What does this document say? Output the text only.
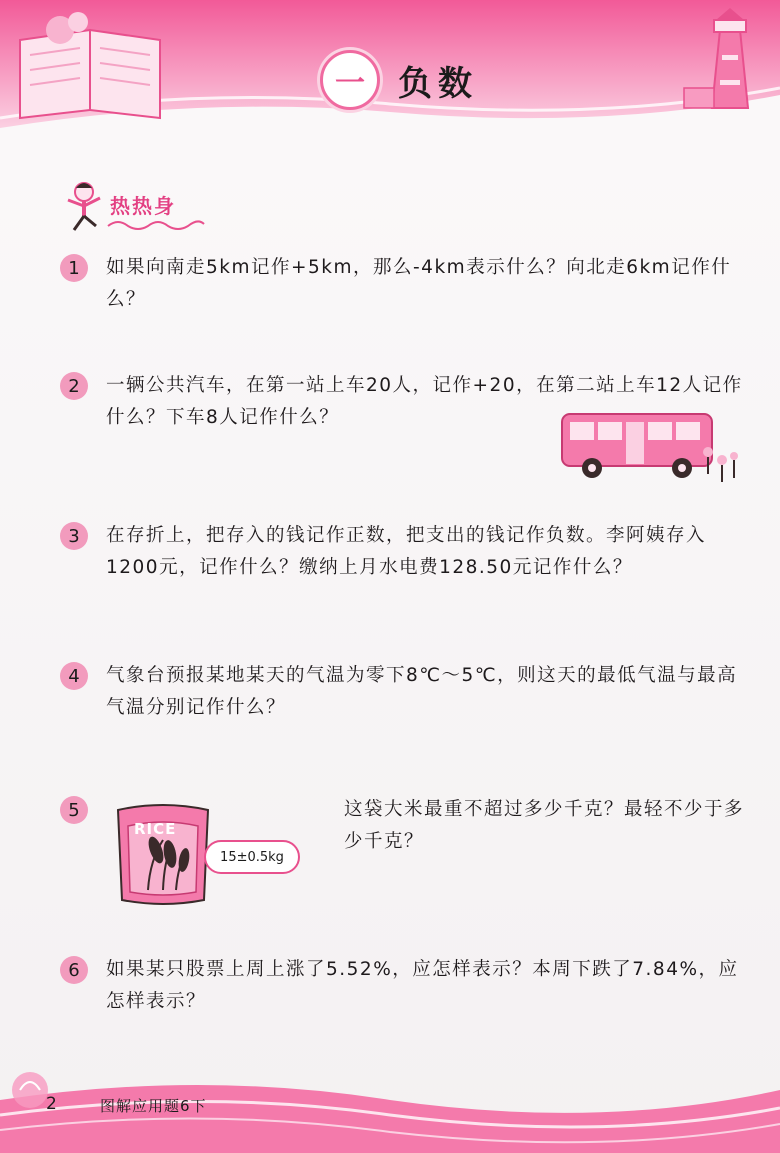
一 负数

热热身
1	如果向南走5km记作+5km，那么-4km表示什么？向北走6km记作什么？
2	一辆公共汽车，在第一站上车20人，记作+20，在第二站上车12人记作什么？下车8人记作什么？
3	在存折上，把存入的钱记作正数，把支出的钱记作负数。李阿姨存入1200元，记作什么？缴纳上月水电费128.50元记作什么？
4	气象台预报某地某天的气温为零下8℃～5℃，则这天的最低气温与最高气温分别记作什么？
5	这袋大米最重不超过多少千克？最轻不少于多少千克？
RICE
15±0.5kg
6	如果某只股票上周上涨了5.52%，应怎样表示？本周下跌了7.84%，应怎样表示？
2	图解应用题6下
